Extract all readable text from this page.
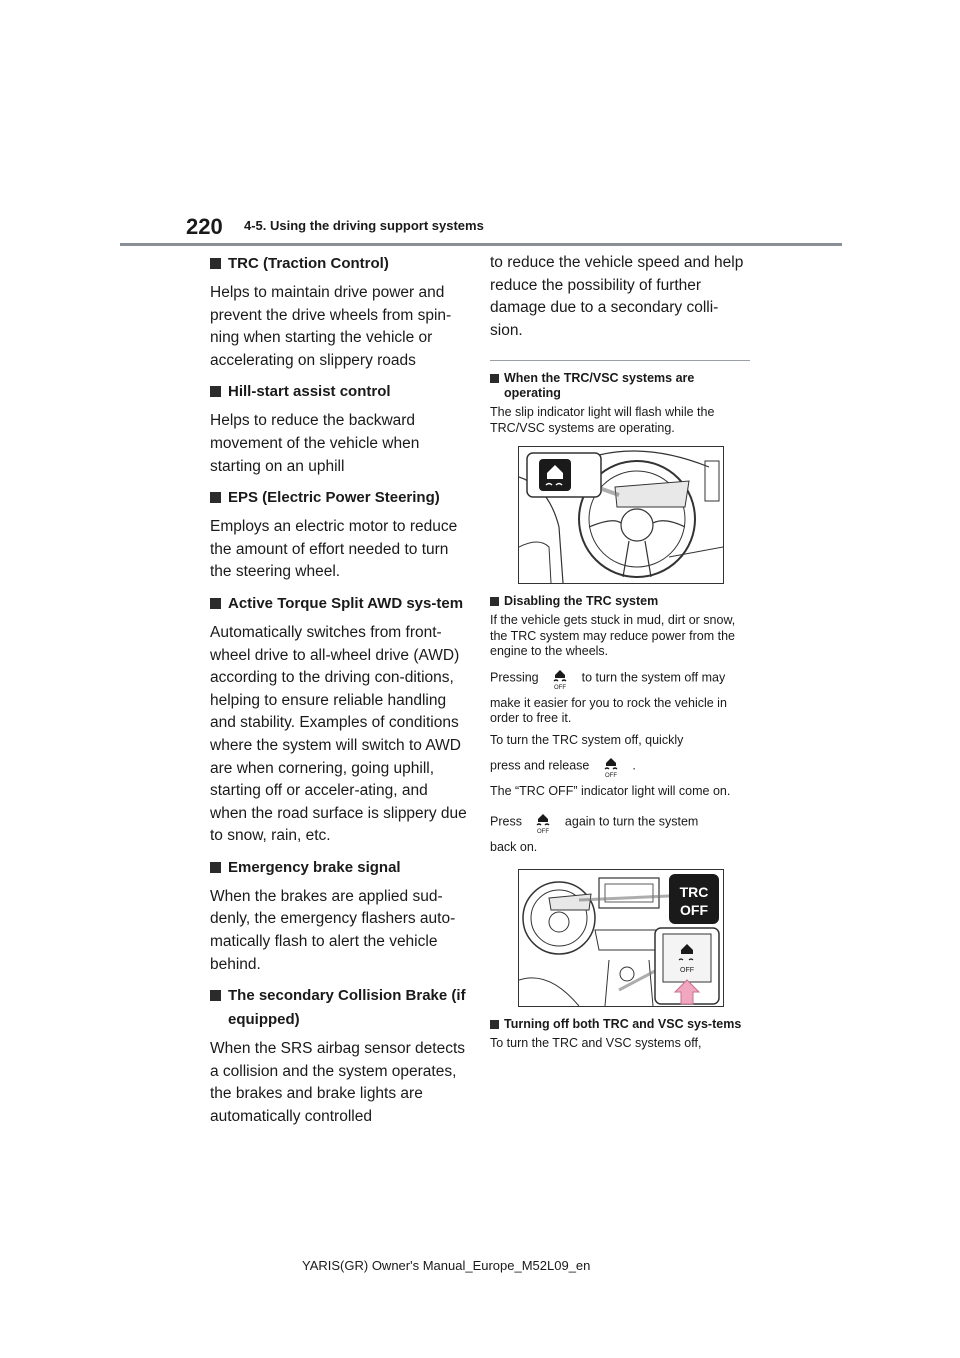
220 4-5. Using the driving support systems

TRC (Traction Control)

Helps to maintain drive power and prevent the drive wheels from spin-ning when starting the vehicle or accelerating on slippery roads

Hill-start assist control

Helps to reduce the backward movement of the vehicle when starting on an uphill

EPS (Electric Power Steering)

Employs an electric motor to reduce the amount of effort needed to turn the steering wheel.

Active Torque Split AWD sys-tem

Automatically switches from front-wheel drive to all-wheel drive (AWD) according to the driving con-ditions, helping to ensure reliable handling and stability. Examples of conditions where the system will switch to AWD are when cornering, going uphill, starting off or acceler-ating, and when the road surface is slippery due to snow, rain, etc.

Emergency brake signal

When the brakes are applied sud-denly, the emergency flashers auto-matically flash to alert the vehicle behind.

The secondary Collision Brake (if equipped)

When the SRS airbag sensor detects a collision and the system operates, the brakes and brake lights are automatically controlled

to reduce the vehicle speed and help reduce the possibility of further damage due to a secondary colli-sion.

When the TRC/VSC systems are operating

The slip indicator light will flash while the TRC/VSC systems are operating.

Disabling the TRC system

If the vehicle gets stuck in mud, dirt or snow, the TRC system may reduce power from the engine to the wheels.

Pressing
OFF
to turn the system off may

make it easier for you to rock the vehicle in order to free it.

To turn the TRC system off, quickly

press and release
OFF
.

The “TRC OFF” indicator light will come on.

Press
OFF
again to turn the system

back on.

TRC
OFF
OFF

Turning off both TRC and VSC sys-tems

To turn the TRC and VSC systems off,

YARIS(GR) Owner's Manual_Europe_M52L09_en
